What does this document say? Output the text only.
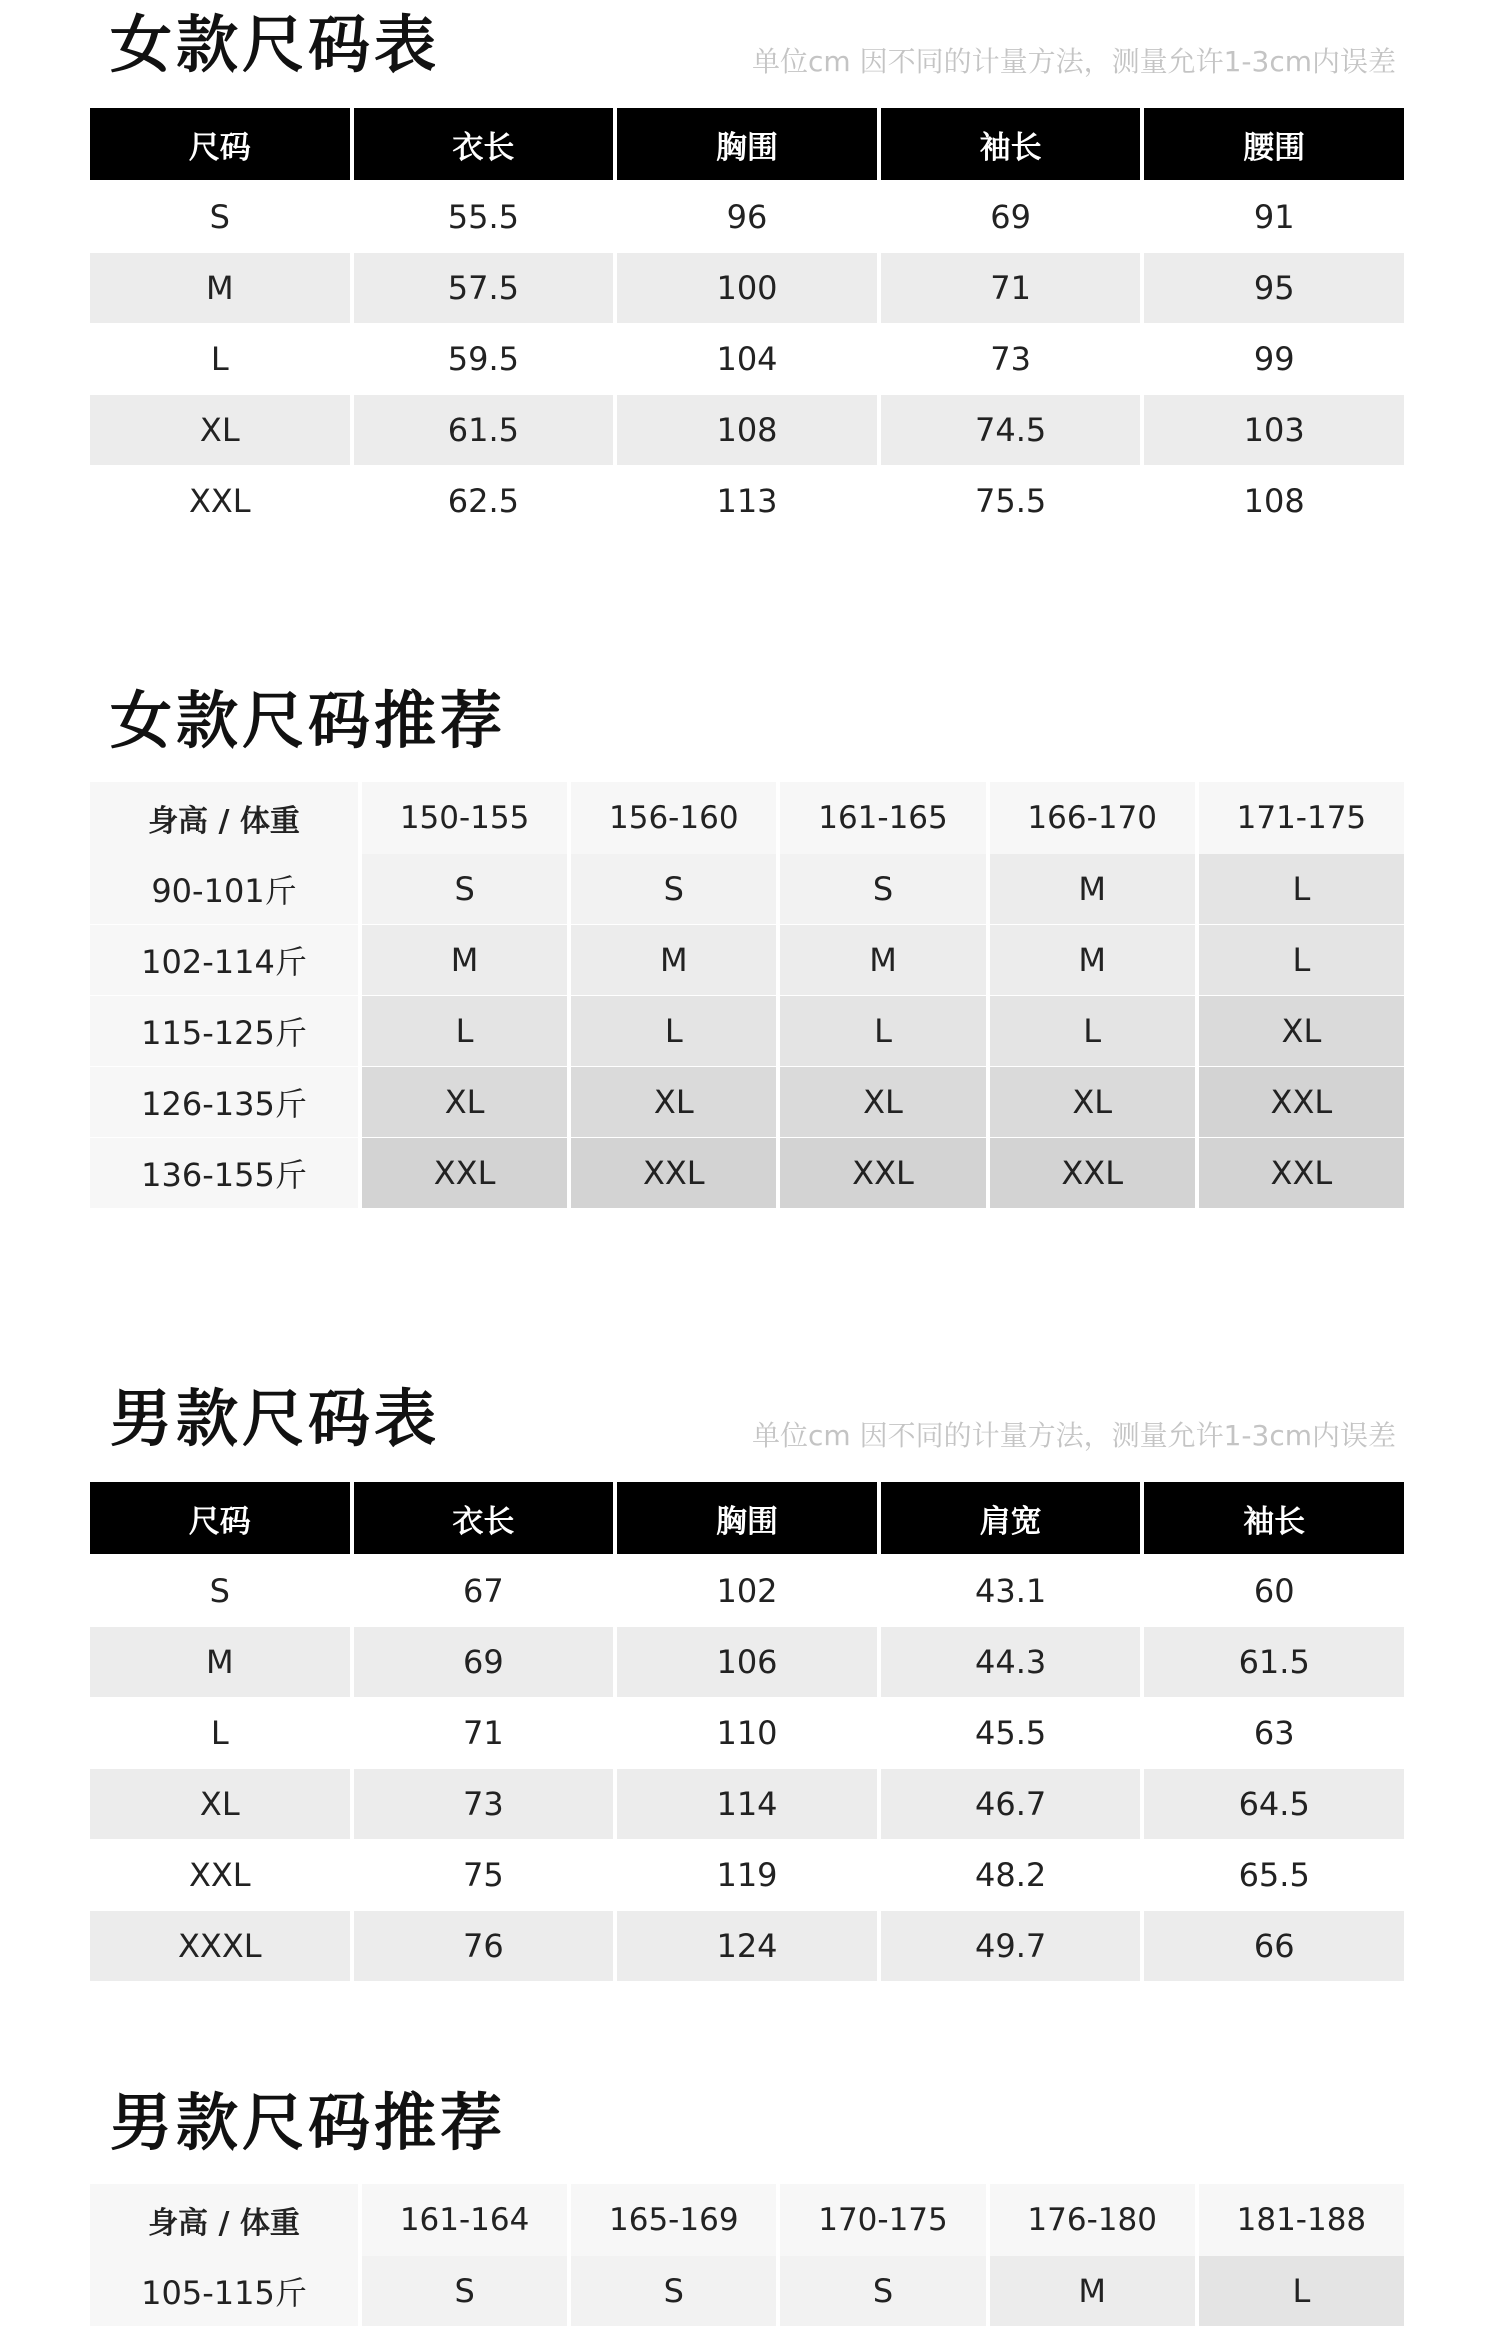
女款尺码表	单位cm 因不同的计量方法，测量允许1-3cm内误差
尺码	衣长	胸围	袖长	腰围
S	55.5	96	69	91
M	57.5	100	71	95
L	59.5	104	73	99
XL	61.5	108	74.5	103
XXL	62.5	113	75.5	108
女款尺码推荐
身高 / 体重	150-155	156-160	161-165	166-170	171-175
90-101斤	S	S	S	M	L
102-114斤	M	M	M	M	L
115-125斤	L	L	L	L	XL
126-135斤	XL	XL	XL	XL	XXL
136-155斤	XXL	XXL	XXL	XXL	XXL
男款尺码表	单位cm 因不同的计量方法，测量允许1-3cm内误差
尺码	衣长	胸围	肩宽	袖长
S	67	102	43.1	60
M	69	106	44.3	61.5
L	71	110	45.5	63
XL	73	114	46.7	64.5
XXL	75	119	48.2	65.5
XXXL	76	124	49.7	66
男款尺码推荐
身高 / 体重	161-164	165-169	170-175	176-180	181-188
105-115斤	S	S	S	M	L
